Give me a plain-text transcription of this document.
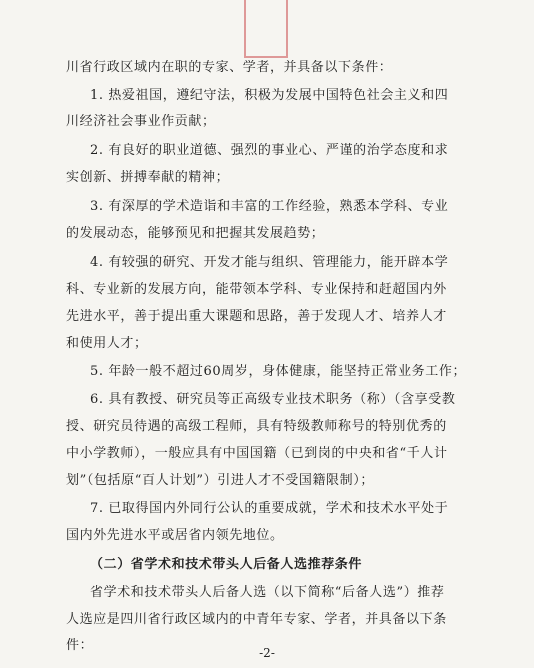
川省行政区域内在职的专家、学者，并具备以下条件：
1. 热爱祖国，遵纪守法，积极为发展中国特色社会主义和四
川经济社会事业作贡献；
2. 有良好的职业道德、强烈的事业心、严谨的治学态度和求
实创新、拼搏奉献的精神；
3. 有深厚的学术造诣和丰富的工作经验，熟悉本学科、专业
的发展动态，能够预见和把握其发展趋势；
4. 有较强的研究、开发才能与组织、管理能力，能开辟本学
科、专业新的发展方向，能带领本学科、专业保持和赶超国内外
先进水平，善于提出重大课题和思路，善于发现人才、培养人才
和使用人才；
5. 年龄一般不超过60周岁，身体健康，能坚持正常业务工作；
6. 具有教授、研究员等正高级专业技术职务（称）（含享受教
授、研究员待遇的高级工程师，具有特级教师称号的特别优秀的
中小学教师），一般应具有中国国籍（已到岗的中央和省“千人计
划”（包括原“百人计划”）引进人才不受国籍限制）；
7. 已取得国内外同行公认的重要成就，学术和技术水平处于
国内外先进水平或居省内领先地位。
（二）省学术和技术带头人后备人选推荐条件
省学术和技术带头人后备人选（以下简称“后备人选”）推荐
人选应是四川省行政区域内的中青年专家、学者，并具备以下条
件：	-2-
